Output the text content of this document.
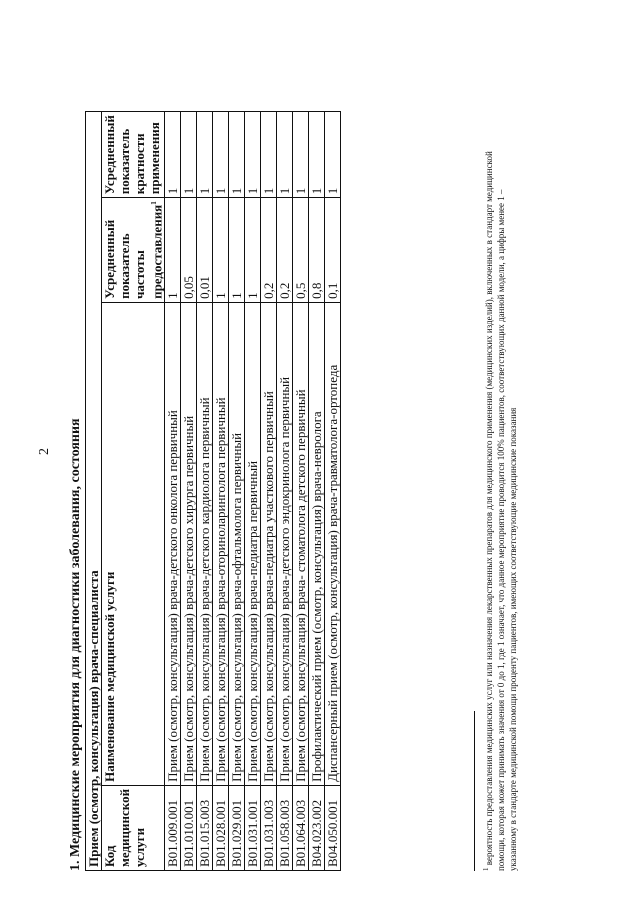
2 1. Медицинские мероприятия для диагностики заболевания, состояния Прием (осмотр, консультация) врача-специалиста			
Код медицинской услуги	Наименование медицинской услуги	Усредненный показатель частоты предоставления$^1$	Усредненный показатель кратности применения
B01.009.001	Прием (осмотр, консультация) врача-детского онколога первичный	1	1
B01.010.001	Прием (осмотр, консультация) врача-детского хирурга первичный	0,05	1
B01.015.003	Прием (осмотр, консультация) врача-детского кардиолога первичный	0,01	1
B01.028.001	Прием (осмотр, консультация) врача-оториноларинголога первичный	1	1
B01.029.001	Прием (осмотр, консультация) врача-офтальмолога первичный	1	1
B01.031.001	Прием (осмотр, консультация) врача-педиатра первичный	1	1
B01.031.003	Прием (осмотр, консультация) врача-педиатра участкового первичный	0,2	1
B01.058.003	Прием (осмотр, консультация) врача-детского эндокринолога первичный	0,2	1
B01.064.003	Прием (осмотр, консультация) врача- стоматолога детского первичный	0,5	1
B04.023.002	Профилактический прием (осмотр, консультация) врача-невролога	0,8	1
B04.050.001	Диспансерный прием (осмотр, консультация) врача-травматолога-ортопеда	0,1	1
$^1$ вероятность предоставления медицинских услуг или назначения лекарственных препаратов для медицинского применения (медицинских изделий), включенных в стандарт медицинской помощи, которая может принимать значения от 0 до 1, где 1 означает, что данное мероприятие проводится 100% пациентов, соответствующих данной модели, а цифры менее 1 – указанному в стандарте медицинской помощи проценту пациентов, имеющих соответствующие медицинские показания
